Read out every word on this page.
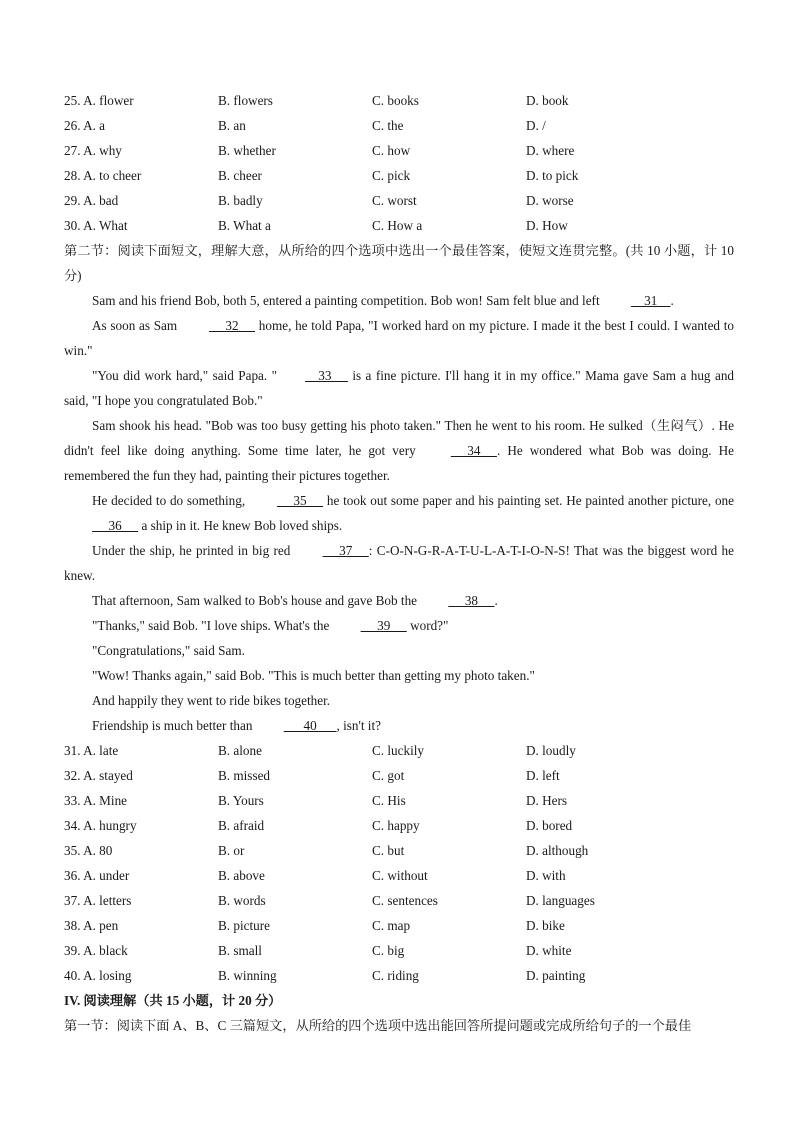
25. A. flower	B. flowers	C. books	D. book
26. A. a	B. an	C. the	D. /
27. A. why	B. whether	C. how	D. where
28. A. to cheer	B. cheer	C. pick	D. to pick
29. A. bad	B. badly	C. worst	D. worse
30. A. What	B. What a	C. How a	D. How

第二节：阅读下面短文，理解大意，从所给的四个选项中选出一个最佳答案，使短文连贯完整。(共 10 小题，计 10 分)

Sam and his friend Bob, both 5, entered a painting competition. Bob won! Sam felt blue and left     31    .

As soon as Sam      32      home, he told Papa, "I worked hard on my picture. I made it the best I could. I wanted to win."

"You did work hard," said Papa. "    33      is a fine picture. I'll hang it in my office." Mama gave Sam a hug and said, "I hope you congratulated Bob."

Sam shook his head. "Bob was too busy getting his photo taken." Then he went to his room. He sulked（生闷气）. He didn't feel like doing anything. Some time later, he got very      34     . He wondered what Bob was doing. He remembered the fun they had, painting their pictures together.

He decided to do something,      35      he took out some paper and his painting set. He painted another picture, one      36      a ship in it. He knew Bob loved ships.

Under the ship, he printed in big red      37     : C-O-N-G-R-A-T-U-L-A-T-I-O-N-S! That was the biggest word he knew.

That afternoon, Sam walked to Bob's house and gave Bob the      38     .

"Thanks," said Bob. "I love ships. What's the      39      word?"

"Congratulations," said Sam.

"Wow! Thanks again," said Bob. "This is much better than getting my photo taken."

And happily they went to ride bikes together.

Friendship is much better than       40      , isn't it?

31. A. late	B. alone	C. luckily	D. loudly
32. A. stayed	B. missed	C. got	D. left
33. A. Mine	B. Yours	C. His	D. Hers
34. A. hungry	B. afraid	C. happy	D. bored
35. A. 80	B. or	C. but	D. although
36. A. under	B. above	C. without	D. with
37. A. letters	B. words	C. sentences	D. languages
38. A. pen	B. picture	C. map	D. bike
39. A. black	B. small	C. big	D. white
40. A. losing	B. winning	C. riding	D. painting

IV. 阅读理解（共 15 小题，计 20 分）

第一节：阅读下面 A、B、C 三篇短文，从所给的四个选项中选出能回答所提问题或完成所给句子的一个最佳
